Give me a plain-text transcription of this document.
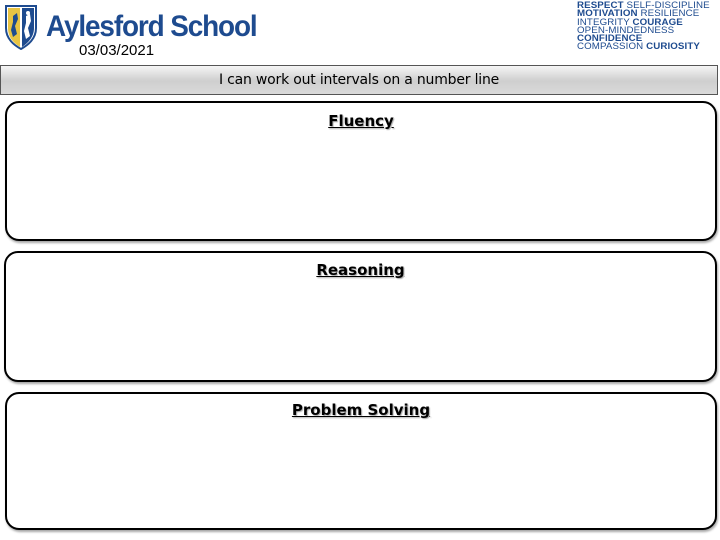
Aylesford School
03/03/2021
RESPECT SELF-DISCIPLINE
MOTIVATION RESILIENCE
INTEGRITY COURAGE
OPEN-MINDEDNESS
CONFIDENCE
COMPASSION CURIOSITY
I can work out intervals on a number line
Fluency
Reasoning
Problem Solving
